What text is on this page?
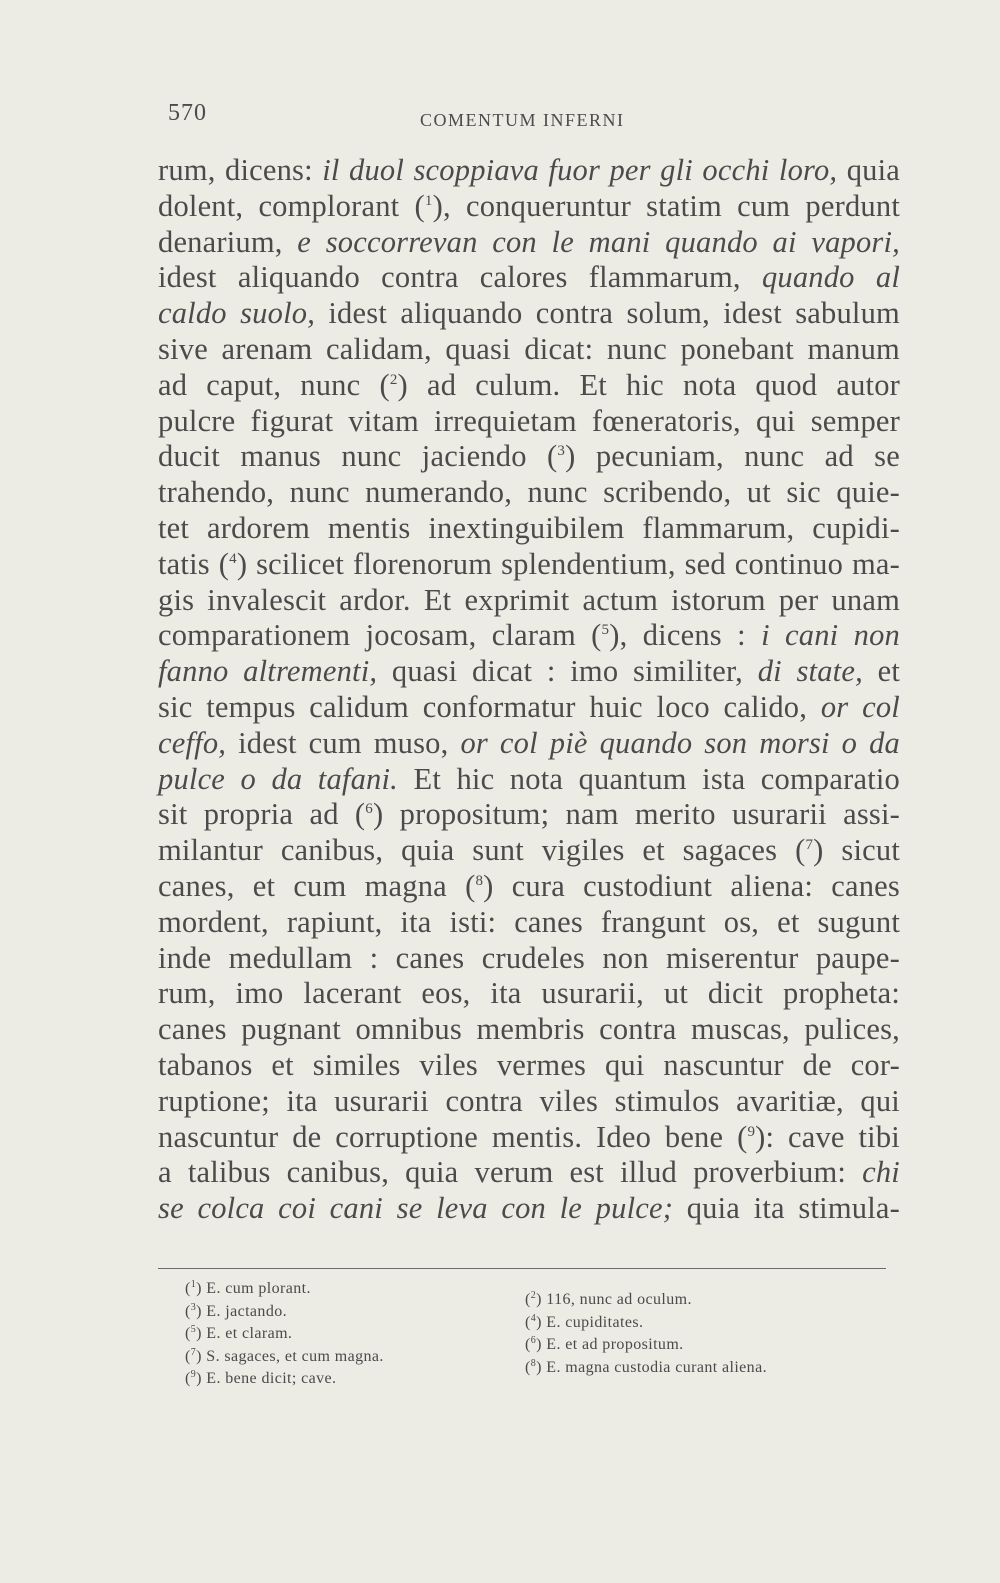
570	COMENTUM INFERNI
rum, dicens: il duol scoppiava fuor per gli occhi loro, quia
dolent, complorant ($^1$), conqueruntur statim cum perdunt
denarium, e soccorrevan con le mani quando ai vapori,
idest aliquando contra calores flammarum, quando al
caldo suolo, idest aliquando contra solum, idest sabulum
sive arenam calidam, quasi dicat: nunc ponebant manum
ad caput, nunc ($^2$) ad culum. Et hic nota quod autor
pulcre figurat vitam irrequietam fœneratoris, qui semper
ducit manus nunc jaciendo ($^3$) pecuniam, nunc ad se
trahendo, nunc numerando, nunc scribendo, ut sic quie-
tet ardorem mentis inextinguibilem flammarum, cupidi-
tatis ($^4$) scilicet florenorum splendentium, sed continuo ma-
gis invalescit ardor. Et exprimit actum istorum per unam
comparationem jocosam, claram ($^5$), dicens : i cani non
fanno altrementi, quasi dicat : imo similiter, di state, et
sic tempus calidum conformatur huic loco calido, or col
ceffo, idest cum muso, or col piè quando son morsi o da
pulce o da tafani. Et hic nota quantum ista comparatio
sit propria ad ($^6$) propositum; nam merito usurarii assi-
milantur canibus, quia sunt vigiles et sagaces ($^7$) sicut
canes, et cum magna ($^8$) cura custodiunt aliena: canes
mordent, rapiunt, ita isti: canes frangunt os, et sugunt
inde medullam : canes crudeles non miserentur paupe-
rum, imo lacerant eos, ita usurarii, ut dicit propheta:
canes pugnant omnibus membris contra muscas, pulices,
tabanos et similes viles vermes qui nascuntur de cor-
ruptione; ita usurarii contra viles stimulos avaritiæ, qui
nascuntur de corruptione mentis. Ideo bene ($^9$): cave tibi
a talibus canibus, quia verum est illud proverbium: chi
se colca coi cani se leva con le pulce; quia ita stimula-
($^1$) E. cum plorant.
($^3$) E. jactando.
($^5$) E. et claram.
($^7$) S. sagaces, et cum magna.
($^9$) E. bene dicit; cave.
($^2$) 116, nunc ad oculum.
($^4$) E. cupiditates.
($^6$) E. et ad propositum.
($^8$) E. magna custodia curant aliena.
